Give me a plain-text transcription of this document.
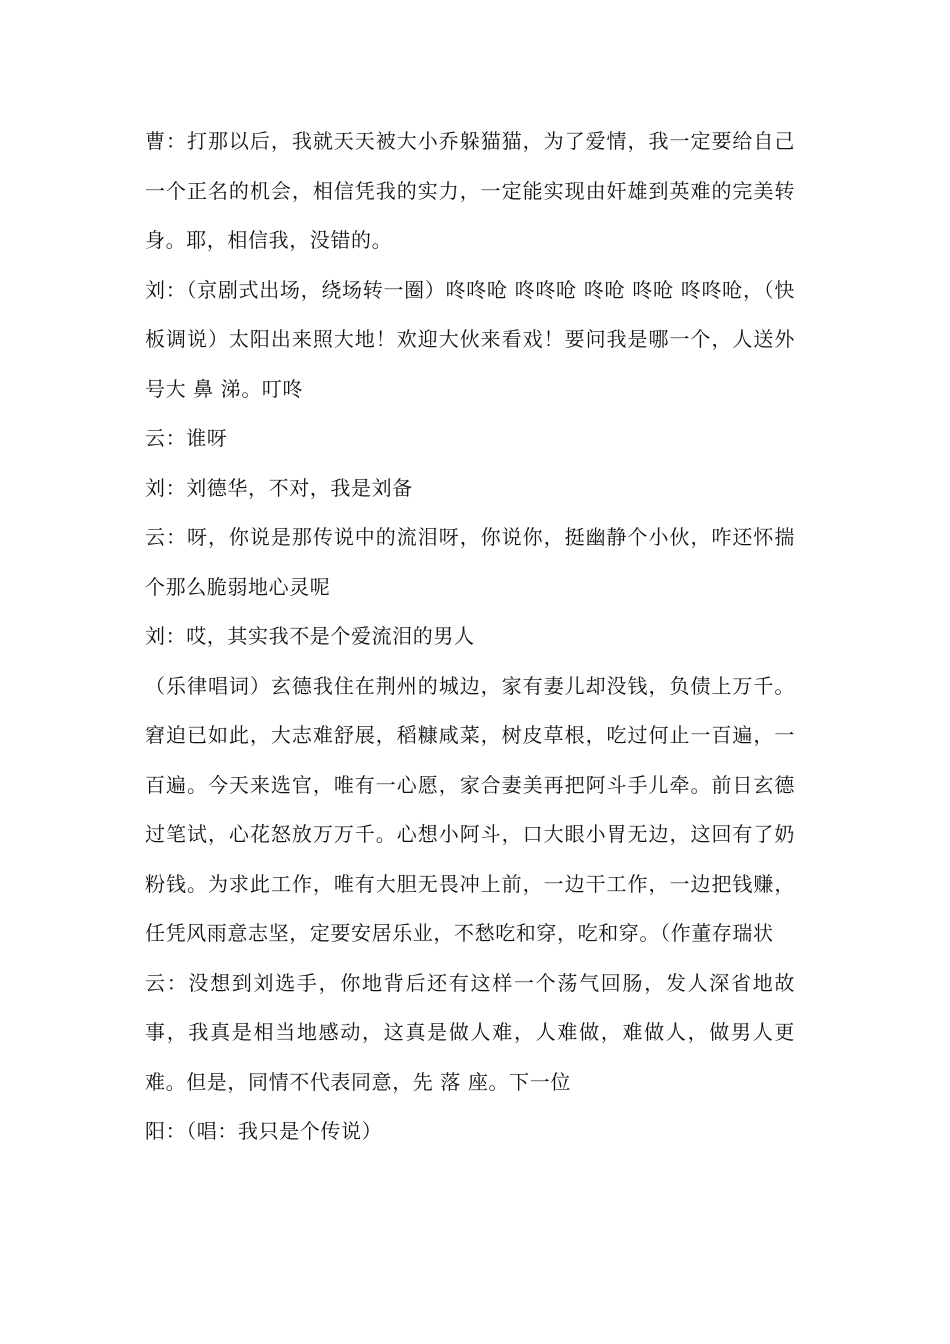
曹：打那以后，我就天天被大小乔躲猫猫，为了爱情，我一定要给自己一个正名的机会，相信凭我的实力，一定能实现由奸雄到英难的完美转身。耶，相信我，没错的。

刘：（京剧式出场，绕场转一圈）咚咚呛 咚咚呛 咚呛 咚呛 咚咚呛，（快板调说）太阳出来照大地！欢迎大伙来看戏！要问我是哪一个，人送外号大 鼻 涕。叮咚

云：谁呀

刘：刘德华，不对，我是刘备

云：呀，你说是那传说中的流泪呀，你说你，挺幽静个小伙，咋还怀揣个那么脆弱地心灵呢

刘：哎，其实我不是个爱流泪的男人

（乐律唱词）玄德我住在荆州的城边，家有妻儿却没钱，负债上万千。窘迫已如此，大志难舒展，稻糠咸菜，树皮草根，吃过何止一百遍，一百遍。今天来选官，唯有一心愿，家合妻美再把阿斗手儿牵。前日玄德过笔试，心花怒放万万千。心想小阿斗，口大眼小胃无边，这回有了奶粉钱。为求此工作，唯有大胆无畏冲上前，一边干工作，一边把钱赚，任凭风雨意志坚，定要安居乐业，不愁吃和穿，吃和穿。（作董存瑞状

云：没想到刘选手，你地背后还有这样一个荡气回肠，发人深省地故事，我真是相当地感动，这真是做人难，人难做，难做人，做男人更难。但是，同情不代表同意，先 落 座。下一位

阳：（唱：我只是个传说）
